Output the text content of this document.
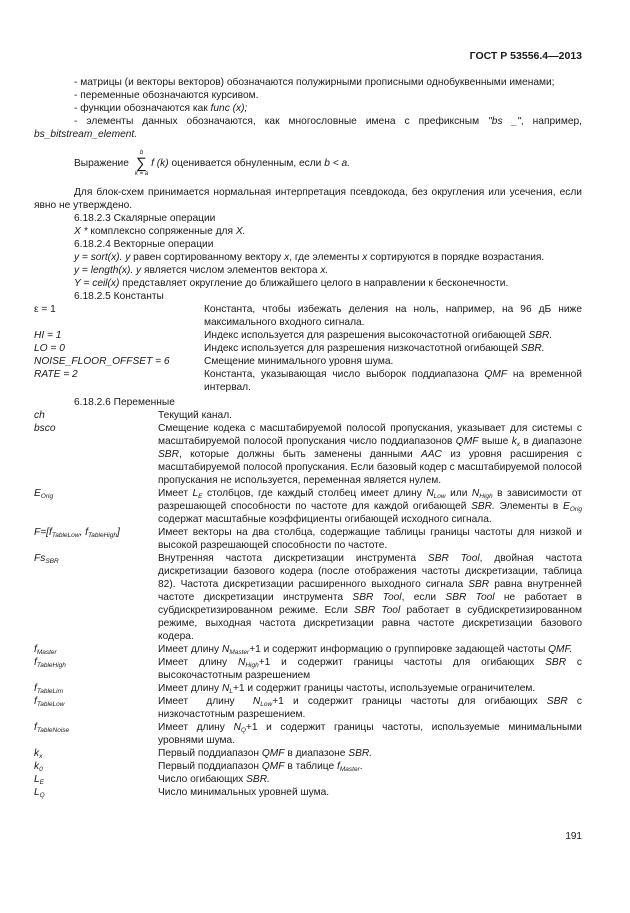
ГОСТ Р 53556.4—2013

- матрицы (и векторы векторов) обозначаются полужирными прописными однобуквенными именами;

- переменные обозначаются курсивом.

- функции обозначаются как func (x);

- элементы данных обозначаются, как многословные имена с префиксным "bs _", например,

bs_bitstream_element.

Выражение
b
∑
k = a
f (k) оценивается обнуленным, если b < a.

Для блок-схем принимается нормальная интерпретация псевдокода, без округления или усечения, если явно не утверждено.

6.18.2.3 Скалярные операции

X * комплексно сопряженные для X.

6.18.2.4 Векторные операции

y = sort(x). y равен сортированному вектору x, где элементы x сортируются в порядке возрастания.

y = length(x). y является числом элементов вектора x.

Y = ceil(x) представляет округление до ближайшего целого в направлении к бесконечности.

6.18.2.5 Константы

ε = 1	Константа, чтобы избежать деления на ноль, например, на 96 дБ ниже максимального входного сигнала.
HI = 1	Индекс используется для разрешения высокочастотной огибающей SBR.
LO = 0	Индекс используется для разрешения низкочастотной огибающей SBR.
NOISE_FLOOR_OFFSET = 6	Смещение минимального уровня шума.
RATE = 2	Константа, указывающая число выборок поддиапазона QMF на временной интервал.

6.18.2.6 Переменные

ch	Текущий канал.
bsco	Смещение кодека с масштабируемой полосой пропускания, указывает для системы с масштабируемой полосой пропускания число поддиапазонов QMF выше $k_x$ в диапазоне SBR, которые должны быть заменены данными AAC из уровня расширения с масштабируемой полосой пропускания. Если базовый кодер с масштабируемой полосой пропускания не используется, переменная является нулем.
$E_{Orig}$	Имеет $L_E$ столбцов, где каждый столбец имеет длину $N_{Low}$ или $N_{High}$ в зависимости от разрешающей способности по частоте для каждой огибающей SBR. Элементы в $E_{Orig}$ содержат масштабные коэффициенты огибающей исходного сигнала.
$F=[f_{TableLow}$, $f_{TableHigh}$]	Имеет векторы на два столбца, содержащие таблицы границы частоты для низкой и высокой разрешающей способности по частоте.
$Fs_{SBR}$	Внутренняя частота дискретизации инструмента SBR Tool, двойная частота дискретизации базового кодера (после отображения частоты дискретизации, таблица 82). Частота дискретизации расширенного выходного сигнала SBR равна внутренней частоте дискретизации инструмента SBR Tool, если SBR Tool не работает в субдискретизированном режиме. Если SBR Tool работает в субдискретизированном режиме, выходная частота дискретизации равна частоте дискретизации базового кодера.
$f_{Master}$	Имеет длину $N_{Master}+1$ и содержит информацию о группировке задающей частоты QMF.
$f_{TableHigh}$	Имеет длину $N_{High}+1$ и содержит границы частоты для огибающих SBR с высокочастотным разрешением
$f_{TableLim}$	Имеет длину $N_L+1$ и содержит границы частоты, используемые ограничителем.
$f_{TableLow}$	Имеет  длину  $N_{Low}+1$ и содержит границы частоты для огибающих SBR с низкочастотным разрешением.
$f_{TableNoise}$	Имеет длину $N_Q+1$ и содержит границы частоты, используемые минимальными уровнями шума.
$k_x$	Первый поддиапазон QMF в диапазоне SBR.
$k_0$	Первый поддиапазон QMF в таблице $f_{Master}$.
$L_E$	Число огибающих SBR.
$L_Q$	Число минимальных уровней шума.
191
